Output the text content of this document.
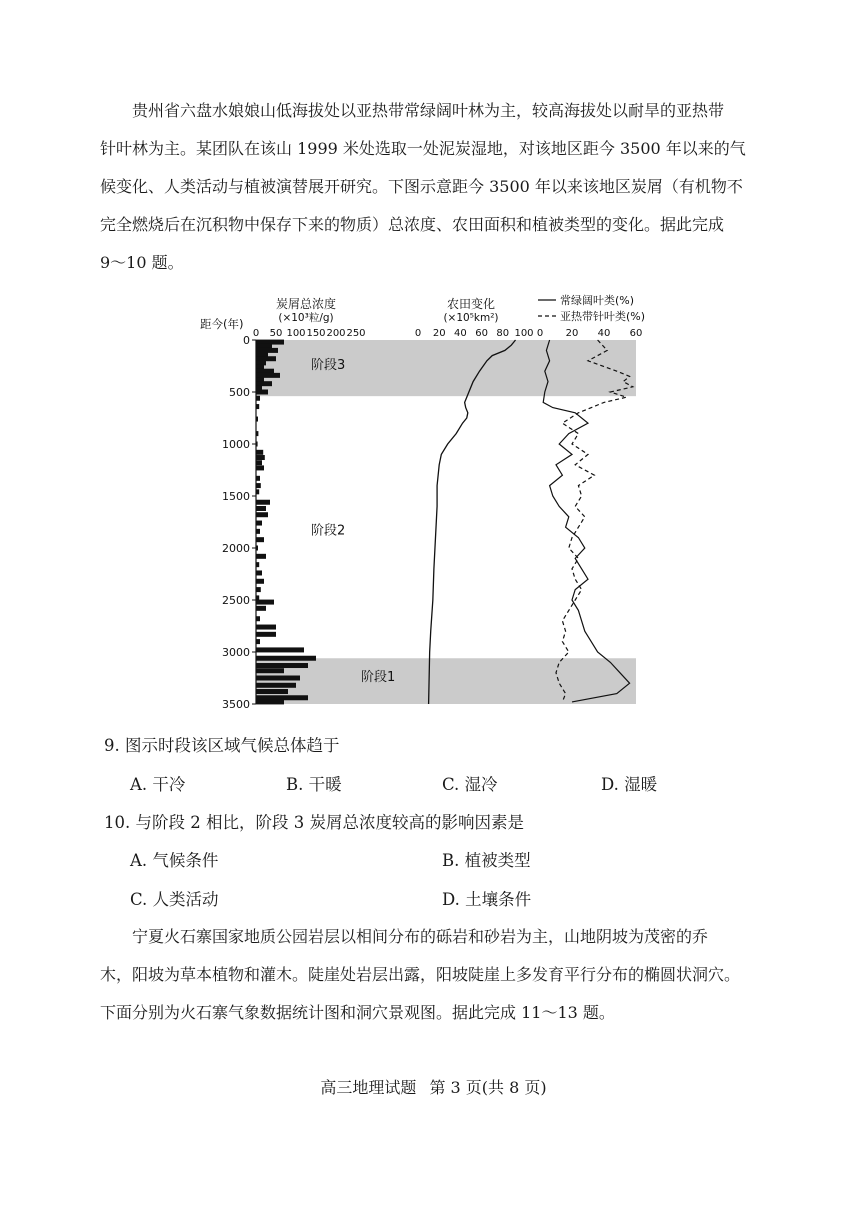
贵州省六盘水娘娘山低海拔处以亚热带常绿阔叶林为主，较高海拔处以耐旱的亚热带
针叶林为主。某团队在该山 1999 米处选取一处泥炭湿地，对该地区距今 3500 年以来的气
候变化、人类活动与植被演替展开研究。下图示意距今 3500 年以来该地区炭屑（有机物不
完全燃烧后在沉积物中保存下来的物质）总浓度、农田面积和植被类型的变化。据此完成
9～10 题。
距今(年)
炭屑总浓度
(×10³粒/g)
0 50 100 150 200 250
农田变化
(×10⁵km²)
0 20 40 60 80 100
常绿阔叶类(%)
亚热带针叶类(%)
0 20 40 60
0
500
1000
1500
2000
2500
3000
3500
阶段3
阶段2
阶段1
9. 图示时段该区域气候总体趋于
A. 干冷	B. 干暖	C. 湿冷	D. 湿暖
10. 与阶段 2 相比，阶段 3 炭屑总浓度较高的影响因素是
A. 气候条件	B. 植被类型
C. 人类活动	D. 土壤条件
宁夏火石寨国家地质公园岩层以相间分布的砾岩和砂岩为主，山地阴坡为茂密的乔
木，阳坡为草本植物和灌木。陡崖处岩层出露，阳坡陡崖上多发育平行分布的椭圆状洞穴。
下面分别为火石寨气象数据统计图和洞穴景观图。据此完成 11～13 题。
高三地理试题 第 3 页(共 8 页)
